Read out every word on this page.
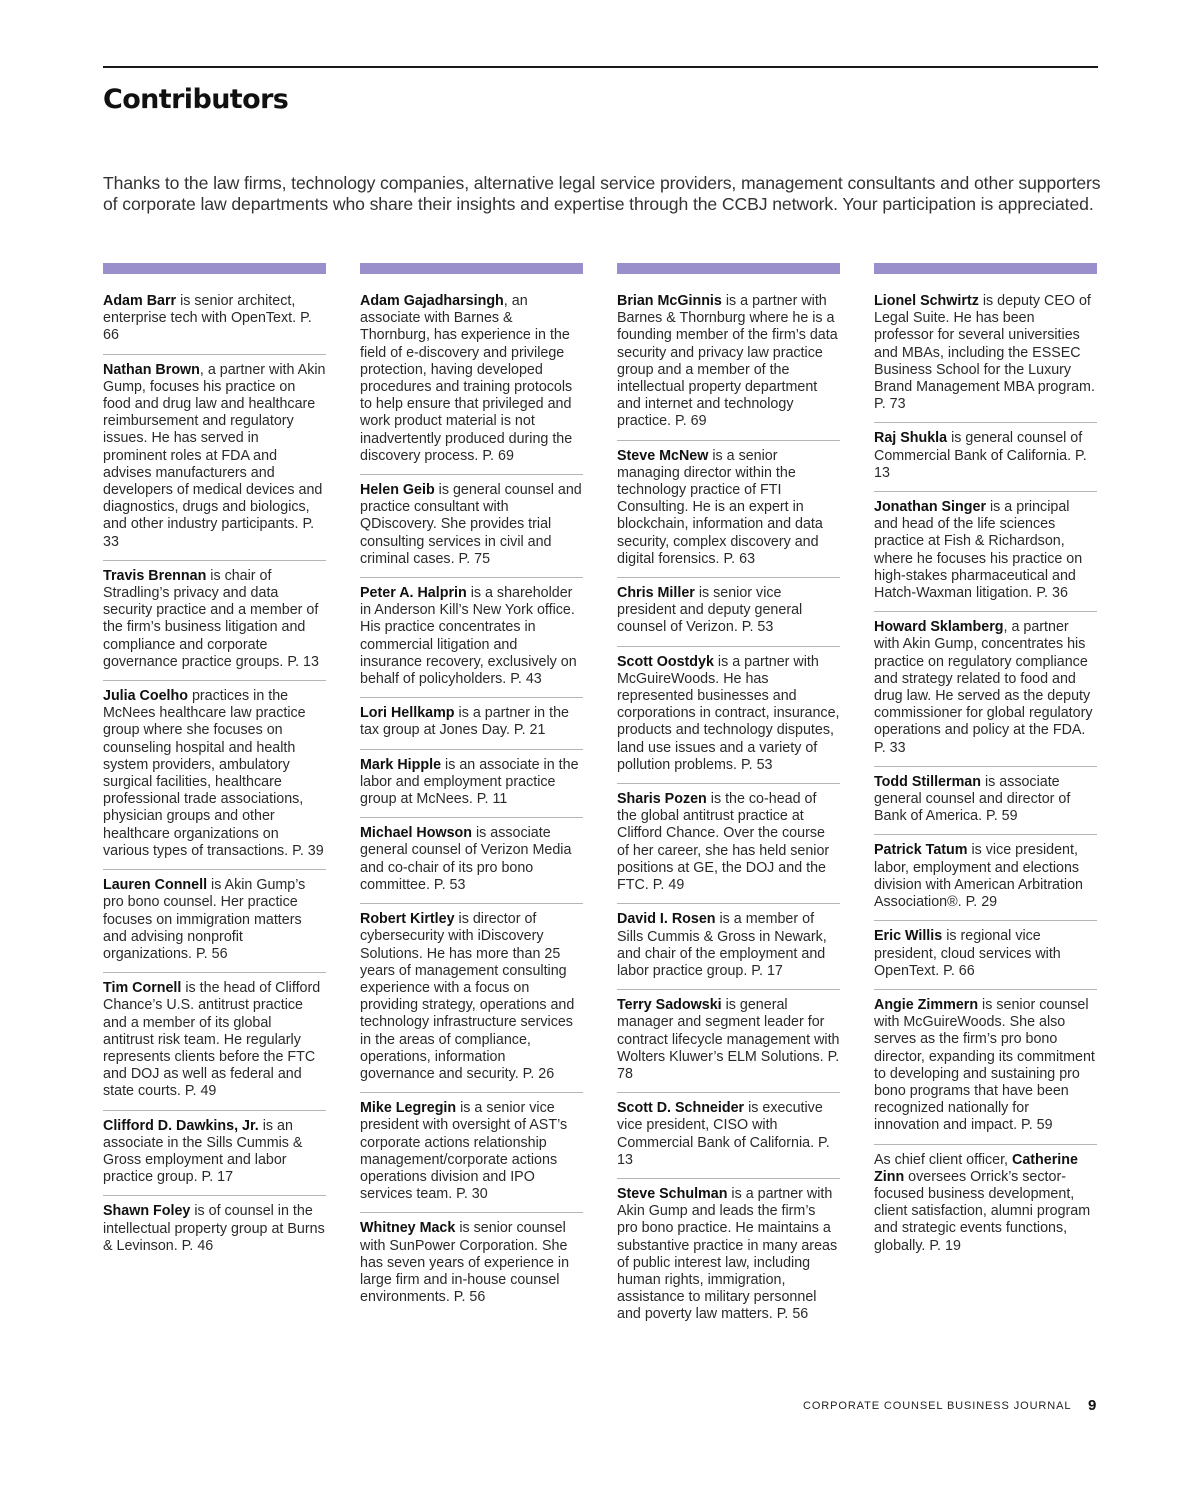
Contributors

Thanks to the law firms, technology companies, alternative legal service providers, management consultants and other supporters of corporate law departments who share their insights and expertise through the CCBJ network. Your participation is appreciated.

Adam Barr is senior architect, enterprise tech with OpenText. P. 66
Nathan Brown, a partner with Akin Gump, focuses his practice on food and drug law and healthcare reimbursement and regulatory issues. He has served in prominent roles at FDA and advises manufacturers and developers of medical devices and diagnostics, drugs and biologics, and other industry participants. P. 33
Travis Brennan is chair of Stradling’s privacy and data security practice and a member of the firm’s business litigation and compliance and corporate governance practice groups. P. 13
Julia Coelho practices in the McNees healthcare law practice group where she focuses on counseling hospital and health system providers, ambulatory surgical facilities, healthcare professional trade associations, physician groups and other healthcare organizations on various types of transactions. P. 39
Lauren Connell is Akin Gump’s pro bono counsel. Her practice focuses on immigration matters and advising nonprofit organizations. P. 56
Tim Cornell is the head of Clifford Chance’s U.S. antitrust practice and a member of its global antitrust risk team. He regularly represents clients before the FTC and DOJ as well as federal and state courts. P. 49
Clifford D. Dawkins, Jr. is an associate in the Sills Cummis & Gross employment and labor practice group. P. 17
Shawn Foley is of counsel in the intellectual property group at Burns & Levinson. P. 46
Adam Gajadharsingh, an associate with Barnes & Thornburg, has experience in the field of e-discovery and privilege protection, having developed procedures and training protocols to help ensure that privileged and work product material is not inadvertently produced during the discovery process. P. 69
Helen Geib is general counsel and practice consultant with QDiscovery. She provides trial consulting services in civil and criminal cases. P. 75
Peter A. Halprin is a shareholder in Anderson Kill’s New York office. His practice concentrates in commercial litigation and insurance recovery, exclusively on behalf of policyholders. P. 43
Lori Hellkamp is a partner in the tax group at Jones Day. P. 21
Mark Hipple is an associate in the labor and employment practice group at McNees. P. 11
Michael Howson is associate general counsel of Verizon Media and co-chair of its pro bono committee. P. 53
Robert Kirtley is director of cybersecurity with iDiscovery Solutions. He has more than 25 years of management consulting experience with a focus on providing strategy, operations and technology infrastructure services in the areas of compliance, operations, information governance and security. P. 26
Mike Legregin is a senior vice president with oversight of AST’s corporate actions relationship management/corporate actions operations division and IPO services team. P. 30
Whitney Mack is senior counsel with SunPower Corporation. She has seven years of experience in large firm and in-house counsel environments. P. 56
Brian McGinnis is a partner with Barnes & Thornburg where he is a founding member of the firm’s data security and privacy law practice group and a member of the intellectual property department and internet and technology practice. P. 69
Steve McNew is a senior managing director within the technology practice of FTI Consulting. He is an expert in blockchain, information and data security, complex discovery and digital forensics. P. 63
Chris Miller is senior vice president and deputy general counsel of Verizon. P. 53
Scott Oostdyk is a partner with McGuireWoods. He has represented businesses and corporations in contract, insurance, products and technology disputes, land use issues and a variety of pollution problems. P. 53
Sharis Pozen is the co-head of the global antitrust practice at Clifford Chance. Over the course of her career, she has held senior positions at GE, the DOJ and the FTC. P. 49
David I. Rosen is a member of Sills Cummis & Gross in Newark, and chair of the employment and labor practice group. P. 17
Terry Sadowski is general manager and segment leader for contract lifecycle management with Wolters Kluwer’s ELM Solutions. P. 78
Scott D. Schneider is executive vice president, CISO with Commercial Bank of California. P. 13
Steve Schulman is a partner with Akin Gump and leads the firm’s pro bono practice. He maintains a substantive practice in many areas of public interest law, including human rights, immigration, assistance to military personnel and poverty law matters. P. 56
Lionel Schwirtz is deputy CEO of Legal Suite. He has been professor for several universities and MBAs, including the ESSEC Business School for the Luxury Brand Management MBA program. P. 73
Raj Shukla is general counsel of Commercial Bank of California. P. 13
Jonathan Singer is a principal and head of the life sciences practice at Fish & Richardson, where he focuses his practice on high-stakes pharmaceutical and Hatch-Waxman litigation. P. 36
Howard Sklamberg, a partner with Akin Gump, concentrates his practice on regulatory compliance and strategy related to food and drug law. He served as the deputy commissioner for global regulatory operations and policy at the FDA. P. 33
Todd Stillerman is associate general counsel and director of Bank of America. P. 59
Patrick Tatum is vice president, labor, employment and elections division with American Arbitration Association®. P. 29
Eric Willis is regional vice president, cloud services with OpenText. P. 66
Angie Zimmern is senior counsel with McGuireWoods. She also serves as the firm’s pro bono director, expanding its commitment to developing and sustaining pro bono programs that have been recognized nationally for innovation and impact. P. 59
As chief client officer, Catherine Zinn oversees Orrick’s sector-focused business development, client satisfaction, alumni program and strategic events functions, globally. P. 19

CORPORATE COUNSEL BUSINESS JOURNAL 9
